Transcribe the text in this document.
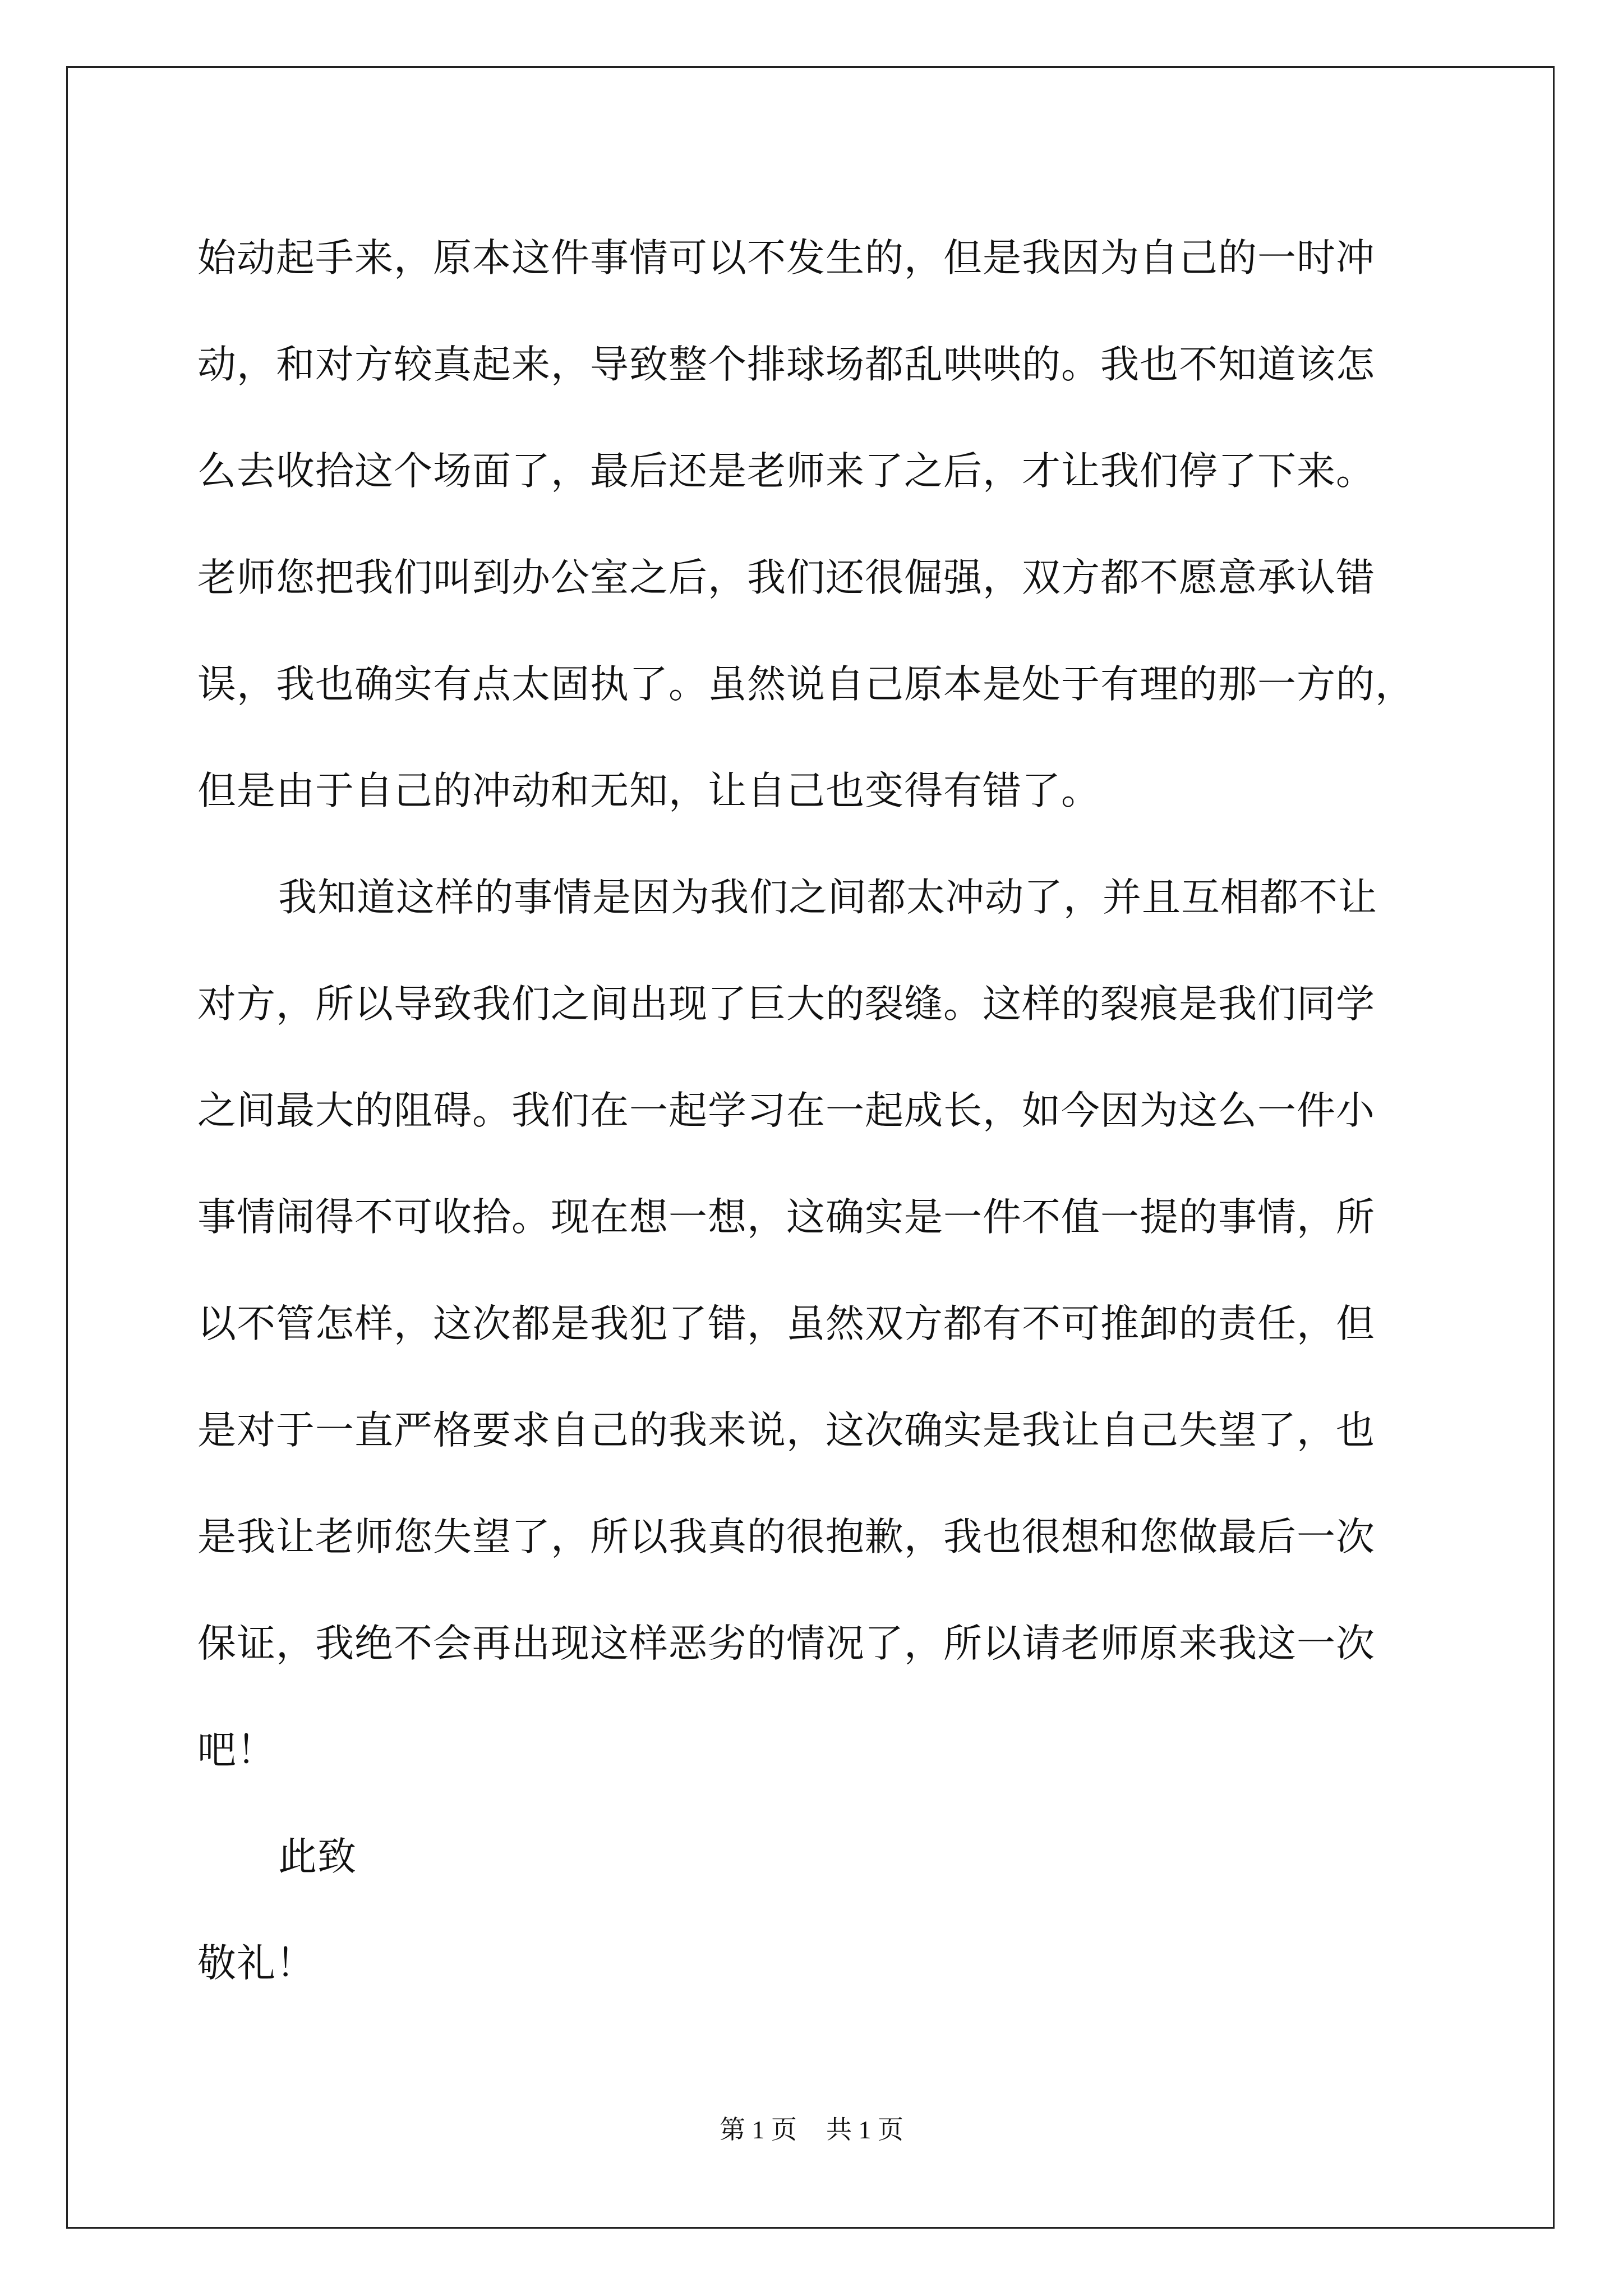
始动起手来，原本这件事情可以不发生的，但是我因为自己的一时冲
动，和对方较真起来，导致整个排球场都乱哄哄的。我也不知道该怎
么去收拾这个场面了，最后还是老师来了之后，才让我们停了下来。
老师您把我们叫到办公室之后，我们还很倔强，双方都不愿意承认错
误，我也确实有点太固执了。虽然说自己原本是处于有理的那一方的，
但是由于自己的冲动和无知，让自己也变得有错了。
我知道这样的事情是因为我们之间都太冲动了，并且互相都不让
对方，所以导致我们之间出现了巨大的裂缝。这样的裂痕是我们同学
之间最大的阻碍。我们在一起学习在一起成长，如今因为这么一件小
事情闹得不可收拾。现在想一想，这确实是一件不值一提的事情，所
以不管怎样，这次都是我犯了错，虽然双方都有不可推卸的责任，但
是对于一直严格要求自己的我来说，这次确实是我让自己失望了，也
是我让老师您失望了，所以我真的很抱歉，我也很想和您做最后一次
保证，我绝不会再出现这样恶劣的情况了，所以请老师原来我这一次
吧！
此致
敬礼！
第 1 页 共 1 页
